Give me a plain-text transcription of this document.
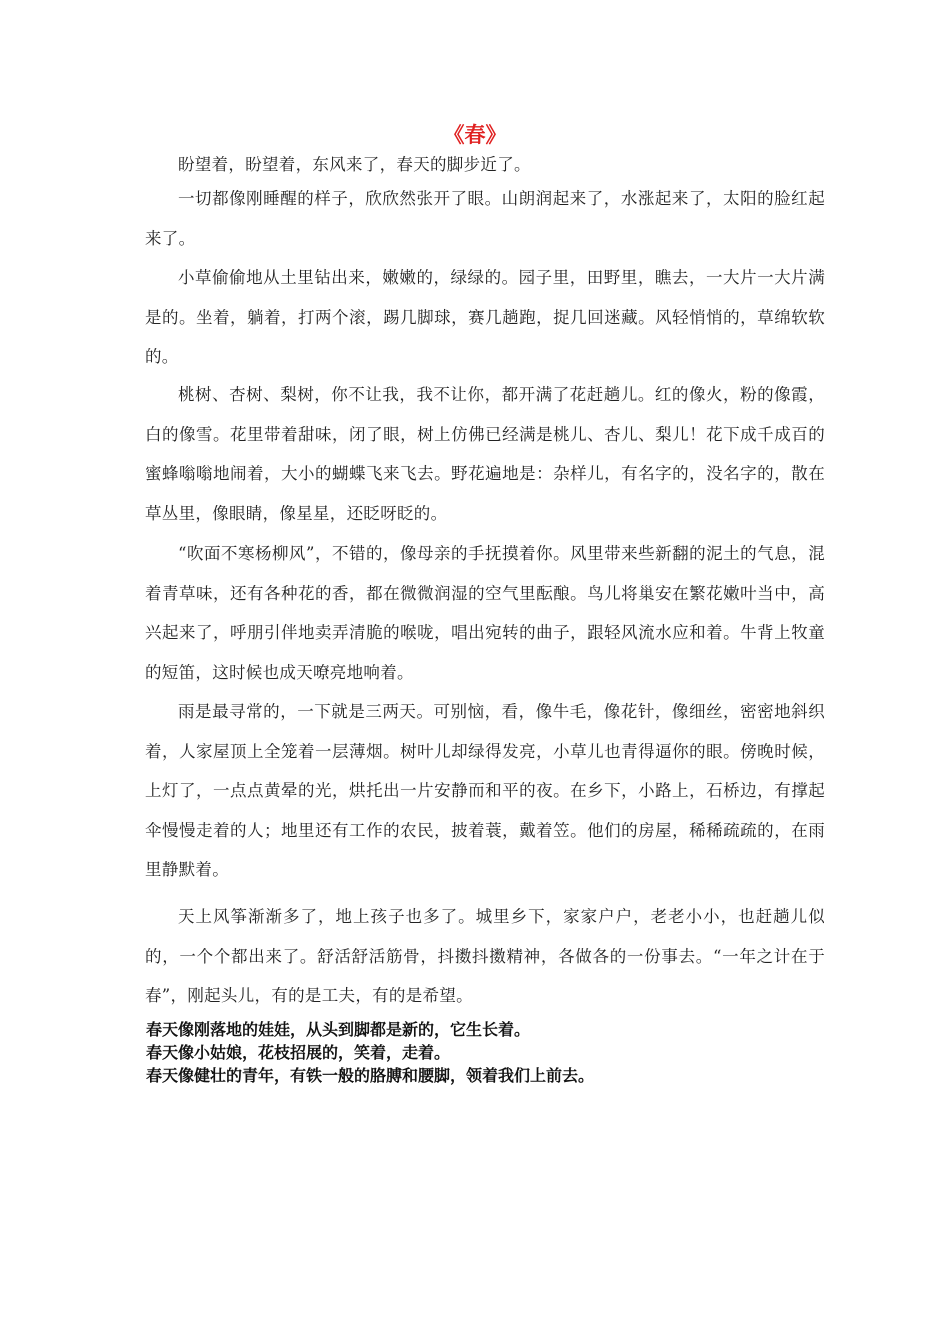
《春》
盼望着，盼望着，东风来了，春天的脚步近了。
一切都像刚睡醒的样子，欣欣然张开了眼。山朗润起来了，水涨起来了，太阳的脸红起来了。
小草偷偷地从土里钻出来，嫩嫩的，绿绿的。园子里，田野里，瞧去，一大片一大片满是的。坐着，躺着，打两个滚，踢几脚球，赛几趟跑，捉几回迷藏。风轻悄悄的，草绵软软的。
桃树、杏树、梨树，你不让我，我不让你，都开满了花赶趟儿。红的像火，粉的像霞，白的像雪。花里带着甜味，闭了眼，树上仿佛已经满是桃儿、杏儿、梨儿！花下成千成百的蜜蜂嗡嗡地闹着，大小的蝴蝶飞来飞去。野花遍地是：杂样儿，有名字的，没名字的，散在草丛里，像眼睛，像星星，还眨呀眨的。
“吹面不寒杨柳风”，不错的，像母亲的手抚摸着你。风里带来些新翻的泥土的气息，混着青草味，还有各种花的香，都在微微润湿的空气里酝酿。鸟儿将巢安在繁花嫩叶当中，高兴起来了，呼朋引伴地卖弄清脆的喉咙，唱出宛转的曲子，跟轻风流水应和着。牛背上牧童的短笛，这时候也成天嘹亮地响着。
雨是最寻常的，一下就是三两天。可别恼，看，像牛毛，像花针，像细丝，密密地斜织着，人家屋顶上全笼着一层薄烟。树叶儿却绿得发亮，小草儿也青得逼你的眼。傍晚时候，上灯了，一点点黄晕的光，烘托出一片安静而和平的夜。在乡下，小路上，石桥边，有撑起伞慢慢走着的人；地里还有工作的农民，披着蓑，戴着笠。他们的房屋，稀稀疏疏的，在雨里静默着。
天上风筝渐渐多了，地上孩子也多了。城里乡下，家家户户，老老小小，也赶趟儿似的，一个个都出来了。舒活舒活筋骨，抖擞抖擞精神，各做各的一份事去。“一年之计在于春”，刚起头儿，有的是工夫，有的是希望。
春天像刚落地的娃娃，从头到脚都是新的，它生长着。
春天像小姑娘，花枝招展的，笑着，走着。
春天像健壮的青年，有铁一般的胳膊和腰脚，领着我们上前去。
